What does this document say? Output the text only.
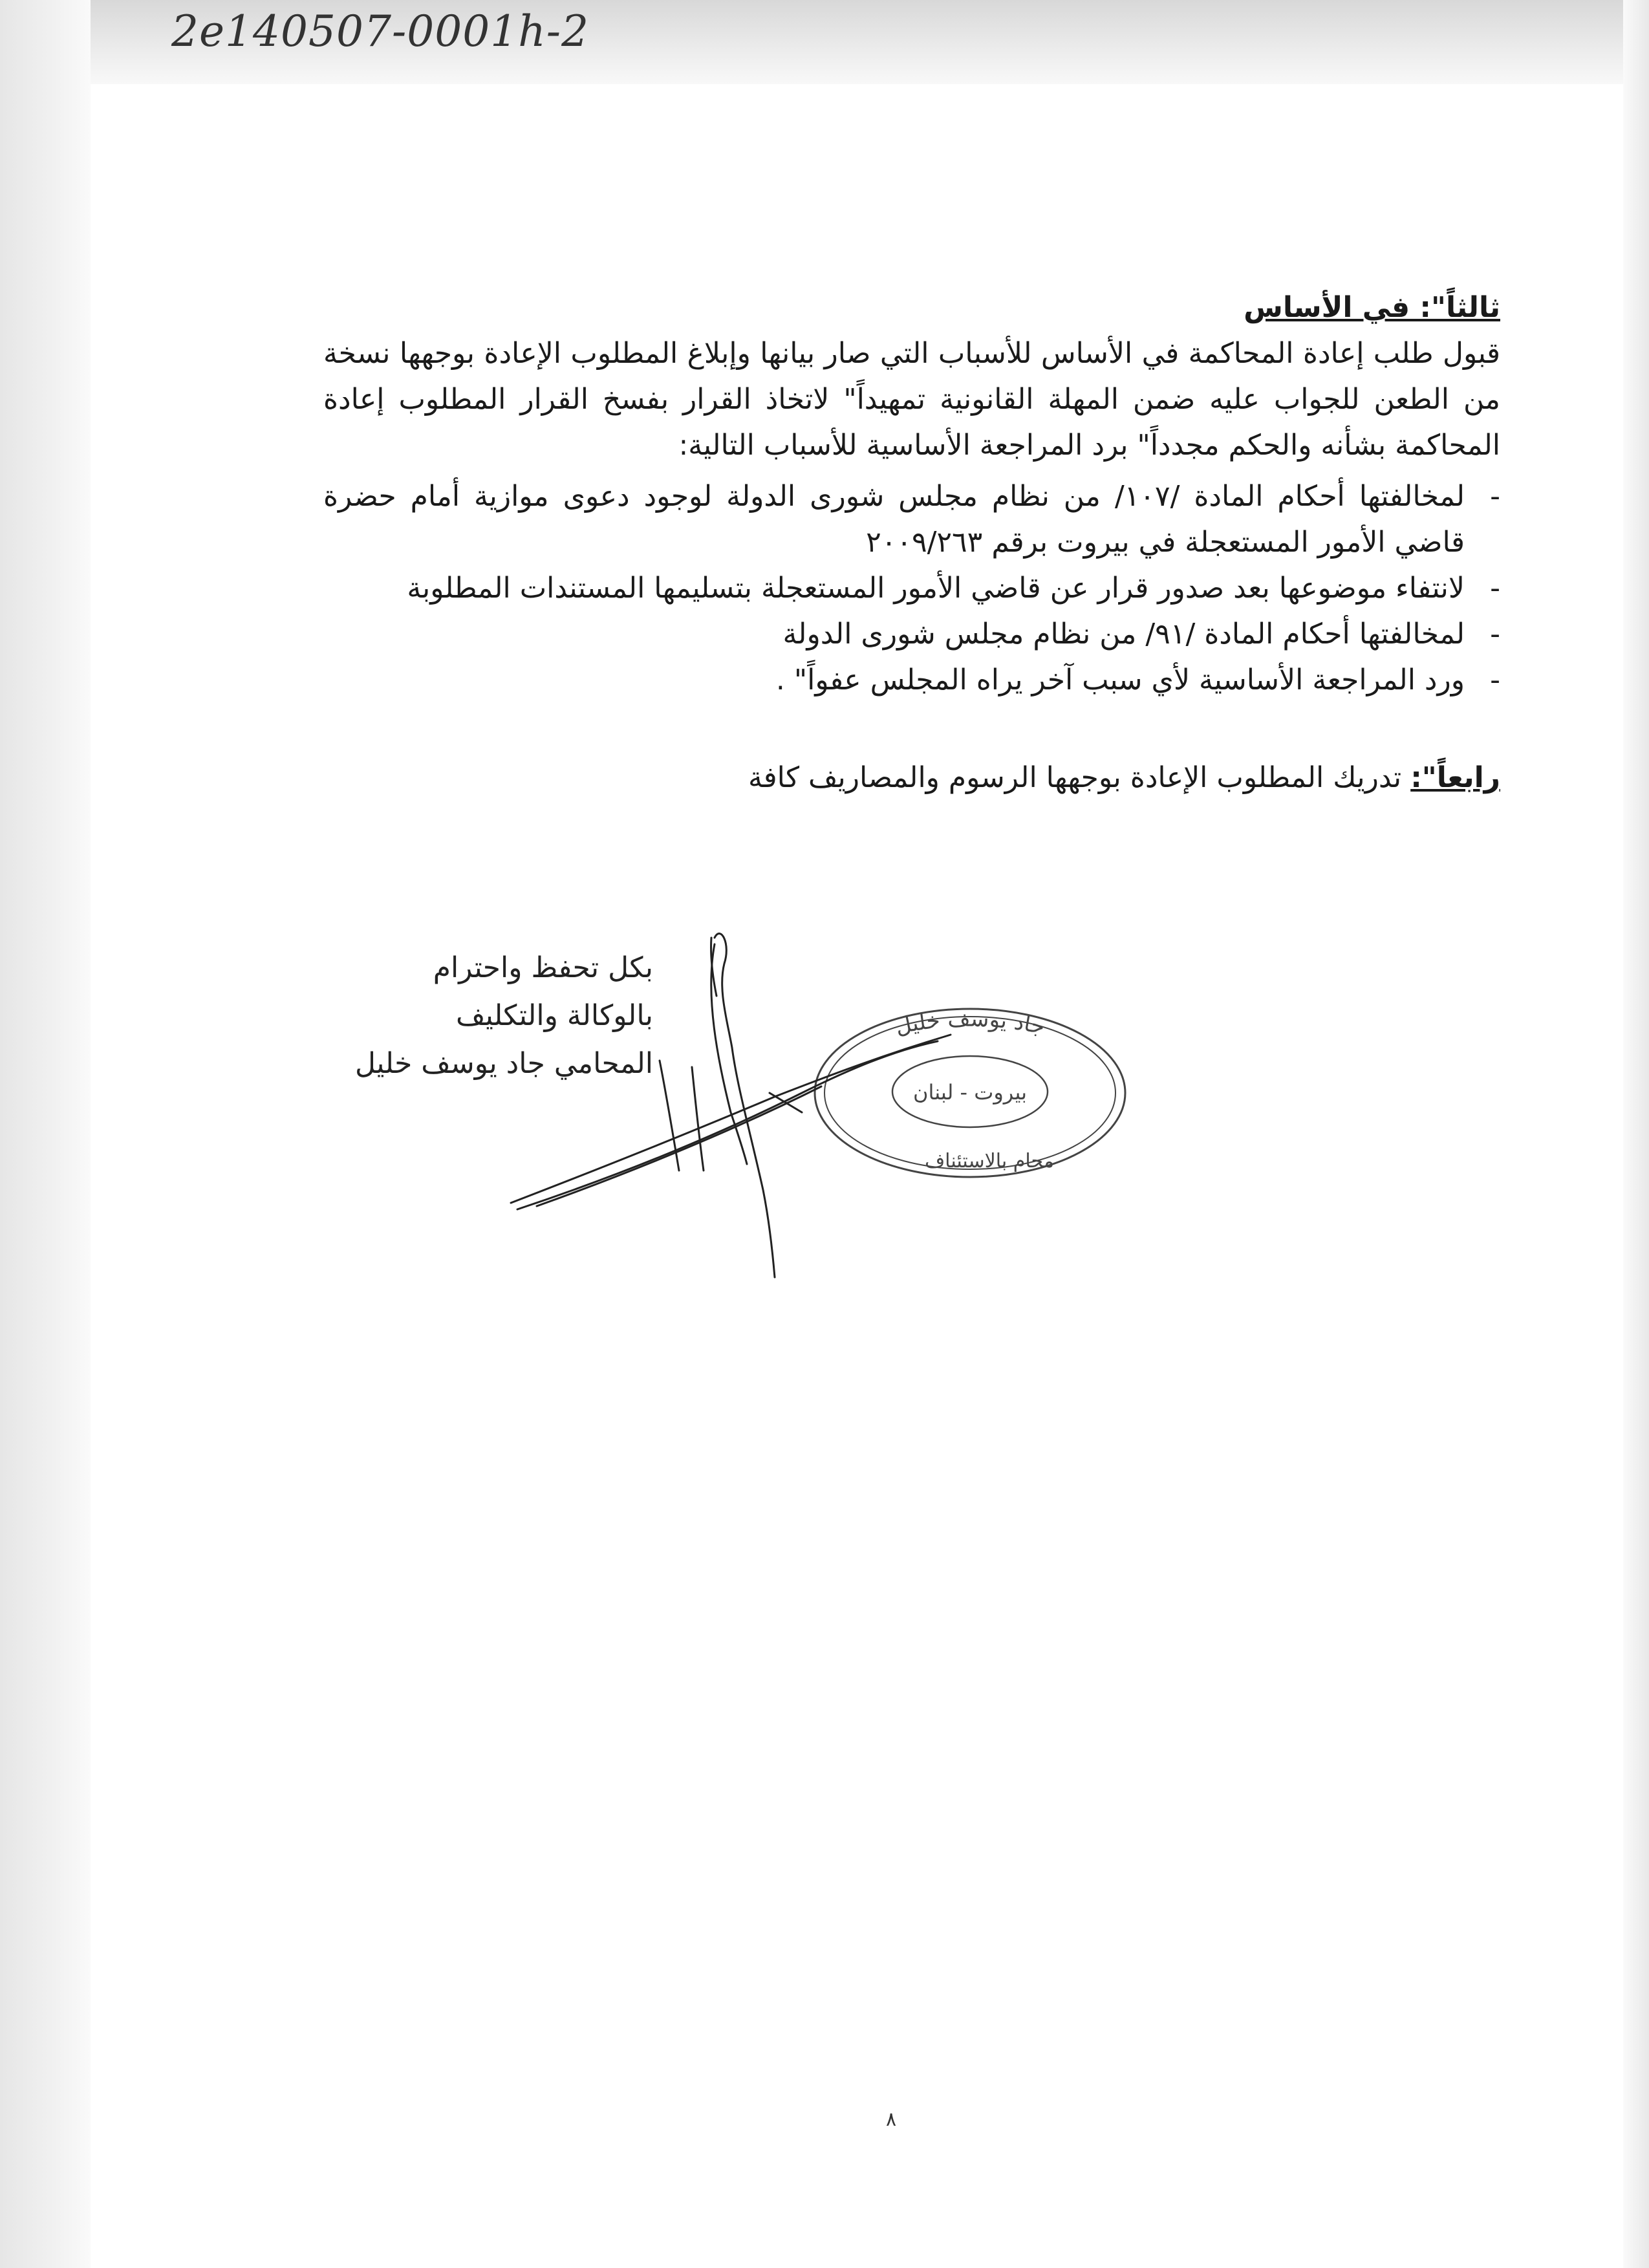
2e140507-0001h-2
ثالثاً": في الأساس

قبول طلب إعادة المحاكمة في الأساس للأسباب التي صار بيانها وإبلاغ المطلوب الإعادة بوجهها نسخة من الطعن للجواب عليه ضمن المهلة القانونية تمهيداً" لاتخاذ القرار بفسخ القرار المطلوب إعادة المحاكمة بشأنه والحكم مجدداً" برد المراجعة الأساسية للأسباب التالية:

-
لمخالفتها أحكام المادة /١٠٧/ من نظام مجلس شورى الدولة لوجود دعوى موازية أمام حضرة قاضي الأمور المستعجلة في بيروت برقم ٢٠٠٩/٢٦٣
-
لانتفاء موضوعها بعد صدور قرار عن قاضي الأمور المستعجلة بتسليمها المستندات المطلوبة
-
لمخالفتها أحكام المادة /٩١/ من نظام مجلس شورى الدولة
-
ورد المراجعة الأساسية لأي سبب آخر يراه المجلس عفواً" .
رابعاً": تدريك المطلوب الإعادة بوجهها الرسوم والمصاريف كافة
بكل تحفظ واحترام
بالوكالة والتكليف
المحامي جاد يوسف خليل
جاد يوسف خليل
بيروت - لبنان
محام بالاستئناف
٨
